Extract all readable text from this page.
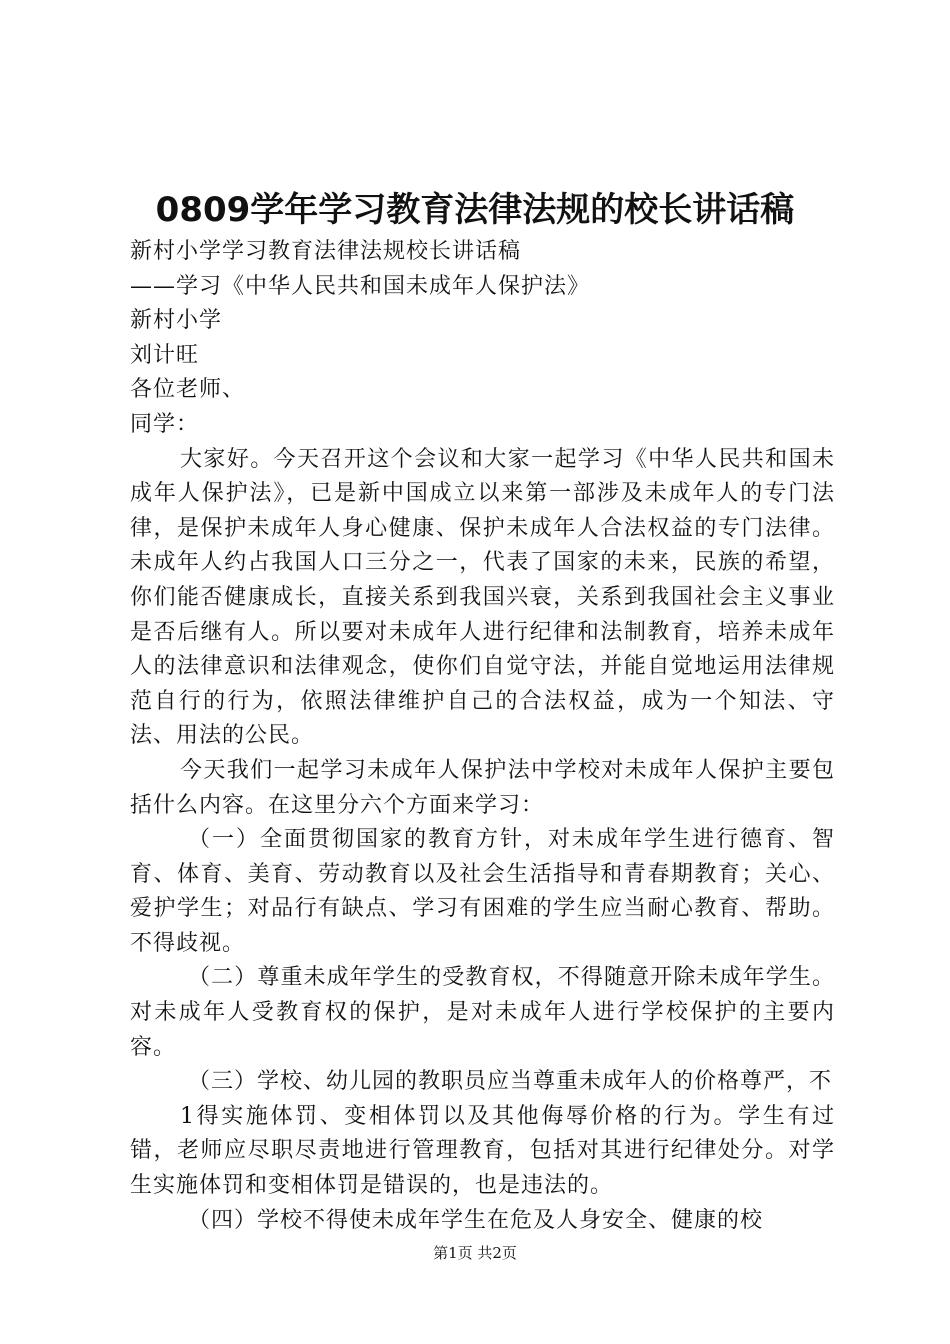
0809学年学习教育法律法规的校长讲话稿

新村小学学习教育法律法规校长讲话稿

——学习《中华人民共和国未成年人保护法》

新村小学

刘计旺

各位老师、

同学：

大家好。今天召开这个会议和大家一起学习《中华人民共和国未成年人保护法》，已是新中国成立以来第一部涉及未成年人的专门法律，是保护未成年人身心健康、保护未成年人合法权益的专门法律。未成年人约占我国人口三分之一，代表了国家的未来，民族的希望，你们能否健康成长，直接关系到我国兴衰，关系到我国社会主义事业是否后继有人。所以要对未成年人进行纪律和法制教育，培养未成年人的法律意识和法律观念，使你们自觉守法，并能自觉地运用法律规范自行的行为，依照法律维护自己的合法权益，成为一个知法、守法、用法的公民。

今天我们一起学习未成年人保护法中学校对未成年人保护主要包括什么内容。在这里分六个方面来学习：

（一）全面贯彻国家的教育方针，对未成年学生进行德育、智育、体育、美育、劳动教育以及社会生活指导和青春期教育；关心、爱护学生；对品行有缺点、学习有困难的学生应当耐心教育、帮助。不得歧视。

（二）尊重未成年学生的受教育权，不得随意开除未成年学生。对未成年人受教育权的保护，是对未成年人进行学校保护的主要内容。

（三）学校、幼儿园的教职员应当尊重未成年人的价格尊严，不

1得实施体罚、变相体罚以及其他侮辱价格的行为。学生有过错，老师应尽职尽责地进行管理教育，包括对其进行纪律处分。对学生实施体罚和变相体罚是错误的，也是违法的。

（四）学校不得使未成年学生在危及人身安全、健康的校

第1页 共2页
